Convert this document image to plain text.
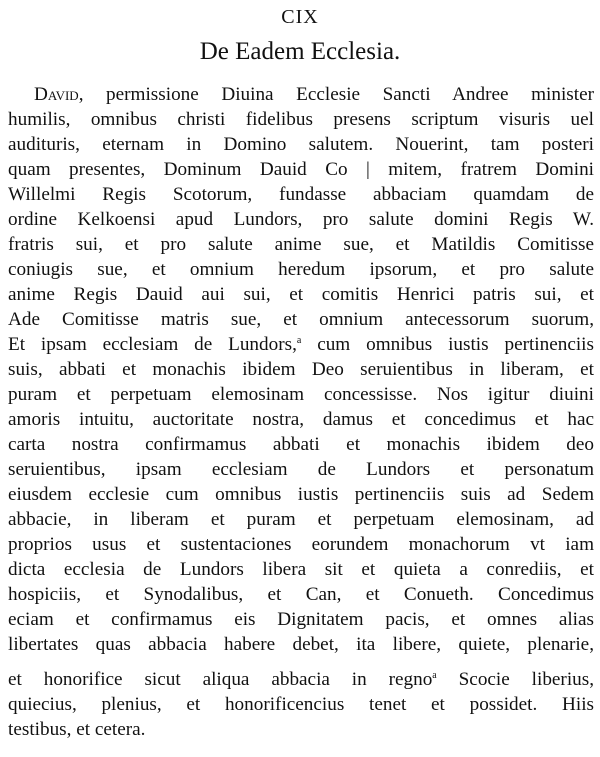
CIX
De Eadem Ecclesia.
David, permissione Diuina Ecclesie Sancti Andree minister
humilis, omnibus christi fidelibus presens scriptum visuris uel
audituris, eternam in Domino salutem. Nouerint, tam posteri
quam presentes, Dominum Dauid Co | mitem, fratrem Domini
Willelmi Regis Scotorum, fundasse abbaciam quamdam de
ordine Kelkoensi apud Lundors, pro salute domini Regis W.
fratris sui, et pro salute anime sue, et Matildis Comitisse
coniugis sue, et omnium heredum ipsorum, et pro salute
anime Regis Dauid aui sui, et comitis Henrici patris sui, et
Ade Comitisse matris sue, et omnium antecessorum suorum,
Et ipsam ecclesiam de Lundors,$^a$ cum omnibus iustis pertinenciis
suis, abbati et monachis ibidem Deo seruientibus in liberam, et
puram et perpetuam elemosinam concessisse. Nos igitur diuini
amoris intuitu, auctoritate nostra, damus et concedimus et hac
carta nostra confirmamus abbati et monachis ibidem deo
seruientibus, ipsam ecclesiam de Lundors et personatum
eiusdem ecclesie cum omnibus iustis pertinenciis suis ad Sedem
abbacie, in liberam et puram et perpetuam elemosinam, ad
proprios usus et sustentaciones eorundem monachorum vt iam
dicta ecclesia de Lundors libera sit et quieta a conrediis, et
hospiciis, et Synodalibus, et Can, et Conueth. Concedimus
eciam et confirmamus eis Dignitatem pacis, et omnes alias
libertates quas abbacia habere debet, ita libere, quiete, plenarie,
et honorifice sicut aliqua abbacia in regno$^a$ Scocie liberius,
quiecius, plenius, et honorificencius tenet et possidet. Hiis
testibus, et cetera.
